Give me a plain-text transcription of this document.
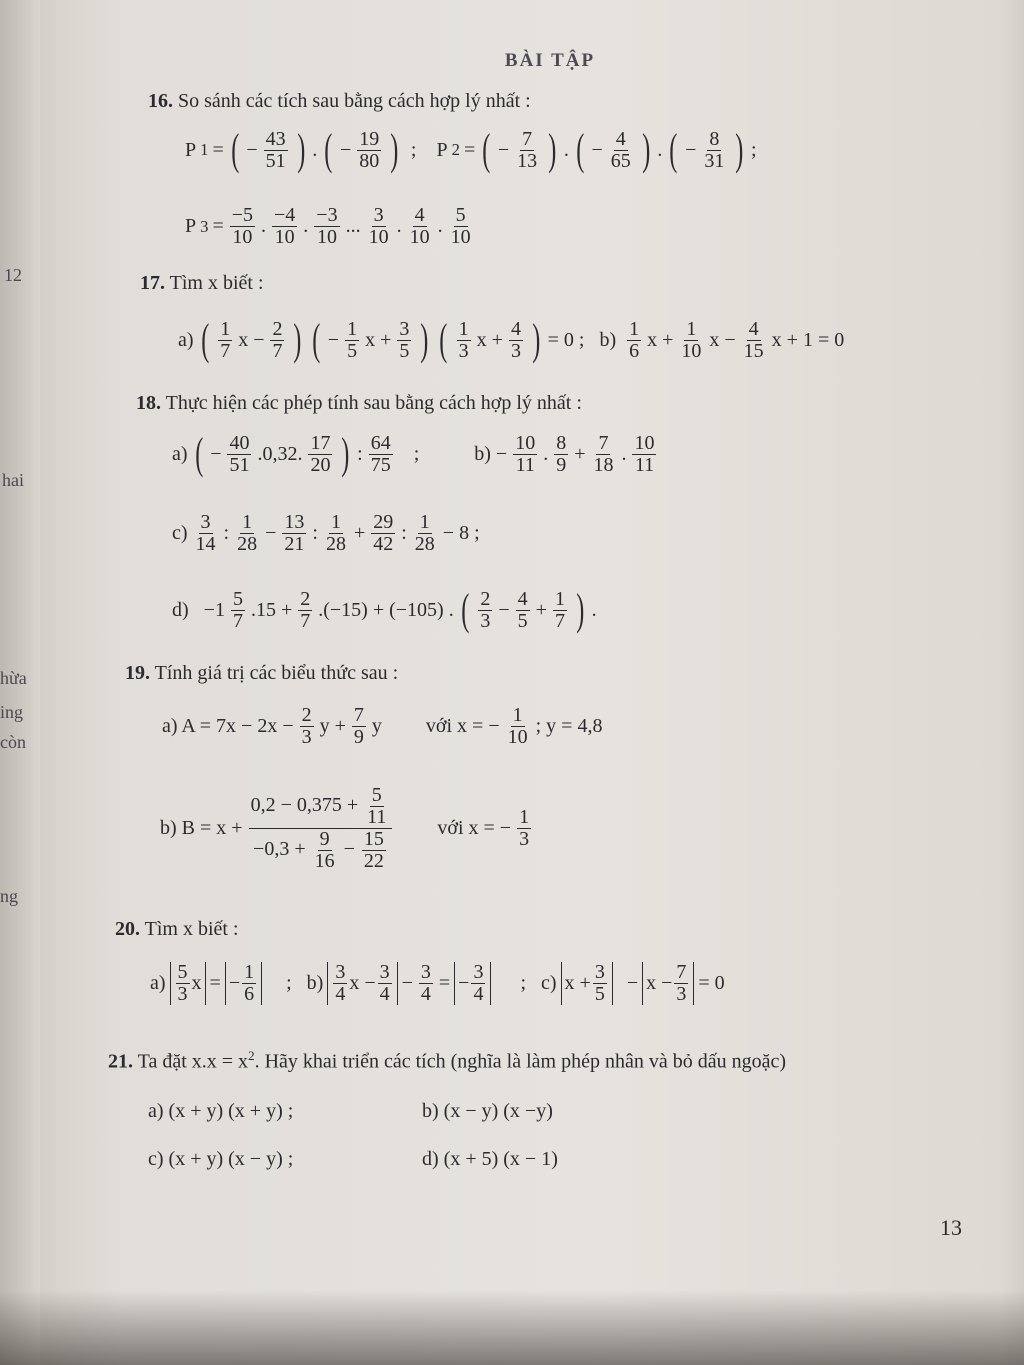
12
hai
hừa
ing
còn
ng
BÀI TẬP
16. So sánh các tích sau bằng cách hợp lý nhất :
P 1 = ( − 43
51 ) . ( − 19
80 ) ;    P 2 = ( − 7
13 ) . ( − 4
65 ) . ( − 8
31 ) ;
P 3 = −5
10 . −4
10 . −3
10 ... 3
10 . 4
10 . 5
10
17. Tìm x biết :
a) ( 1
7 x − 2
7 ) ( − 1
5 x + 3
5 ) ( 1
3 x + 4
3 ) = 0 ;   b) 1
6 x + 1
10 x − 4
15 x + 1 = 0
18. Thực hiện các phép tính sau bằng cách hợp lý nhất :
a) ( − 40
51 .0,32. 17
20 ) : 64
75 ;           b) − 10
11 . 8
9 + 7
18 . 10
11
c) 3
14 : 1
28 − 13
21 : 1
28 + 29
42 : 1
28 − 8 ;
d)   −1 5
7 .15 + 2
7 .(−15) + (−105) . ( 2
3 − 4
5 + 1
7 ) .
19. Tính giá trị các biểu thức sau :
a) A = 7x − 2x − 2
3 y + 7
9 y với x = − $\frac{1}{10}$ ; y = 4,8
b) B = x +
$0,2 - 0,375 + \frac{5}{11}$
$-0,3 + \frac{9}{16} - \frac{15}{22}$

với x = − $\frac{1}{3}$
20. Tìm x biết :
a) 5
3 x = − 1
6 ;   b) 3
4 x − 3
4 − 3
4 = − 3
4 ;   c) x + 3
5 − x − 7
3 = 0
21. Ta đặt $x.x = x^2$. Hãy khai triển các tích (nghĩa là làm phép nhân và bỏ dấu ngoặc)
a) (x + y) (x + y) ;	b) (x − y) (x −y)
c) (x + y) (x − y) ;	d) (x + 5) (x − 1)
13
